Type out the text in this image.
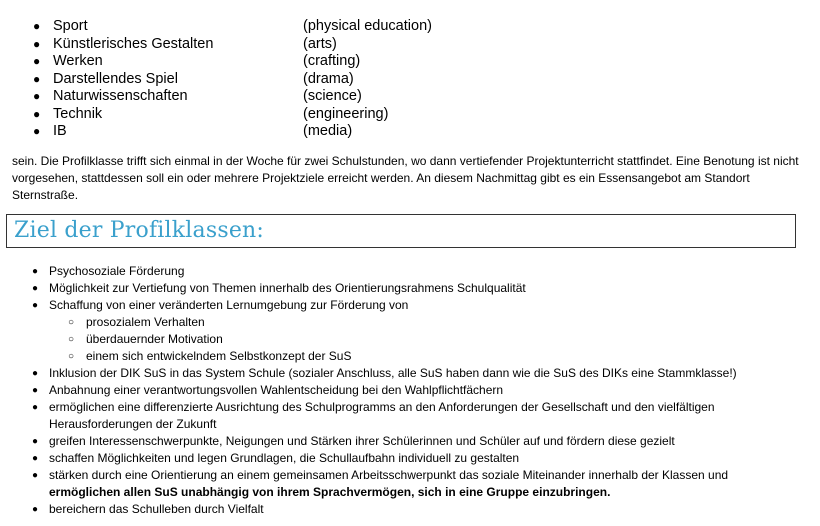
● Sport	(physical education)
● Künstlerisches Gestalten	(arts)
● Werken	(crafting)
● Darstellendes Spiel	(drama)
● Naturwissenschaften	(science)
● Technik	(engineering)
● IB	(media)
sein. Die Profilklasse trifft sich einmal in der Woche für zwei Schulstunden, wo dann vertiefender Projektunterricht stattfindet. Eine Benotung ist nicht vorgesehen, stattdessen soll ein oder mehrere Projektziele erreicht werden. An diesem Nachmittag gibt es ein Essensangebot am Standort Sternstraße.
Ziel der Profilklassen:
● Psychosoziale Förderung
● Möglichkeit zur Vertiefung von Themen innerhalb des Orientierungsrahmens Schulqualität
● Schaffung von einer veränderten Lernumgebung zur Förderung von
○ prosozialem Verhalten
○ überdauernder Motivation
○ einem sich entwickelndem Selbstkonzept der SuS
● Inklusion der DIK SuS in das System Schule (sozialer Anschluss, alle SuS haben dann wie die SuS des DIKs eine Stammklasse!)
● Anbahnung einer verantwortungsvollen Wahlentscheidung bei den Wahlpflichtfächern
● ermöglichen eine differenzierte Ausrichtung des Schulprogramms an den Anforderungen der Gesellschaft und den vielfältigen Herausforderungen der Zukunft
● greifen Interessenschwerpunkte, Neigungen und Stärken ihrer Schülerinnen und Schüler auf und fördern diese gezielt
● schaffen Möglichkeiten und legen Grundlagen, die Schullaufbahn individuell zu gestalten
● stärken durch eine Orientierung an einem gemeinsamen Arbeitsschwerpunkt das soziale Miteinander innerhalb der Klassen und
ermöglichen allen SuS unabhängig von ihrem Sprachvermögen, sich in eine Gruppe einzubringen.
● bereichern das Schulleben durch Vielfalt
